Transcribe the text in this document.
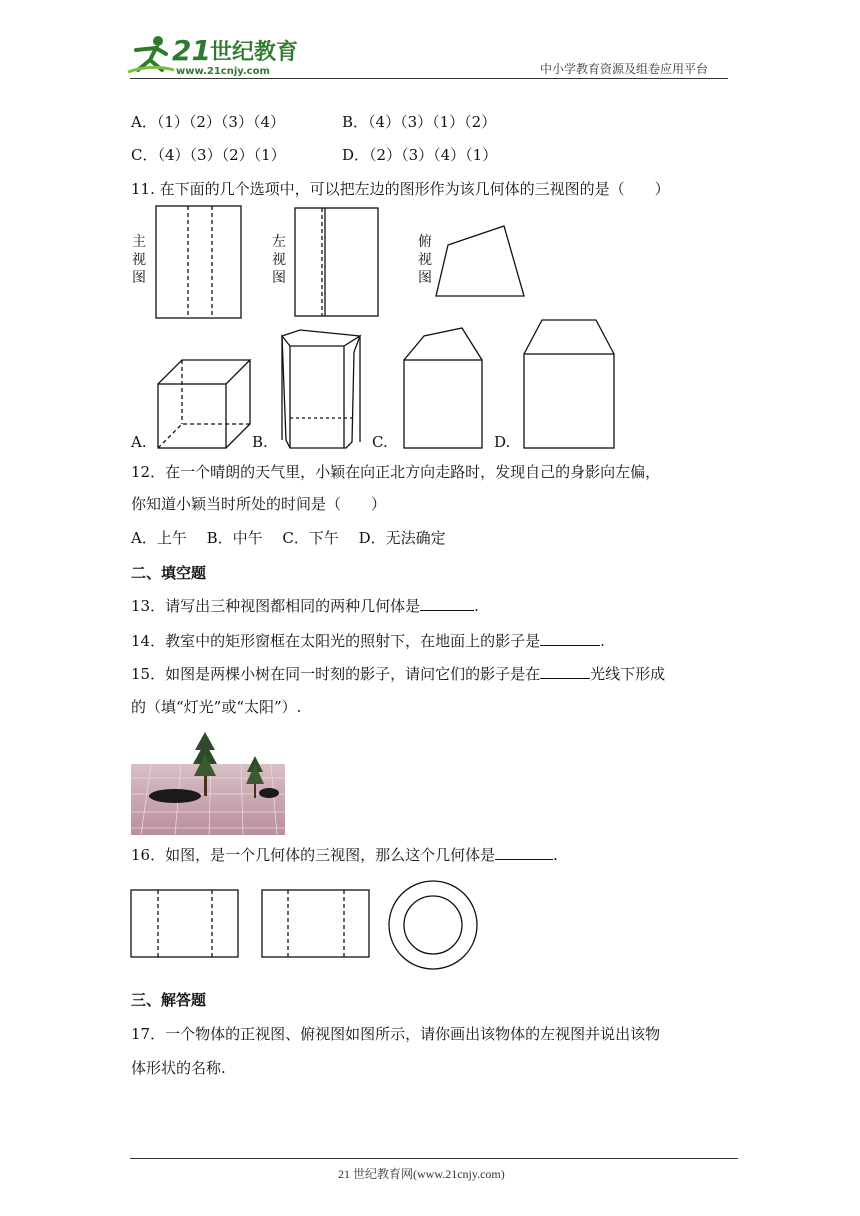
21 世纪教育
www.21cnjy.com	中小学教育资源及组卷应用平台
A．（1）（2）（3）（4）	B．（4）（3）（1）（2）
C．（4）（3）（2）（1）	D．（2）（3）（4）（1）
11. 在下面的几个选项中，可以把左边的图形作为该几何体的三视图的是（　　）
主
视
图
左
视
图
俯
视
图
A.	B.	C.	D.
12．在一个晴朗的天气里，小颖在向正北方向走路时，发现自己的身影向左偏，
你知道小颖当时所处的时间是（　　）
A．上午　 B．中午　 C．下午　 D．无法确定
二、填空题
13．请写出三种视图都相同的两种几何体是	.
14．教室中的矩形窗框在太阳光的照射下，在地面上的影子是	.
15．如图是两棵小树在同一时刻的影子，请问它们的影子是在	光线下形成
的（填“灯光”或“太阳”）.
16．如图，是一个几何体的三视图，那么这个几何体是	.
三、解答题
17．一个物体的正视图、俯视图如图所示，请你画出该物体的左视图并说出该物
体形状的名称.
21 世纪教育网(www.21cnjy.com)
